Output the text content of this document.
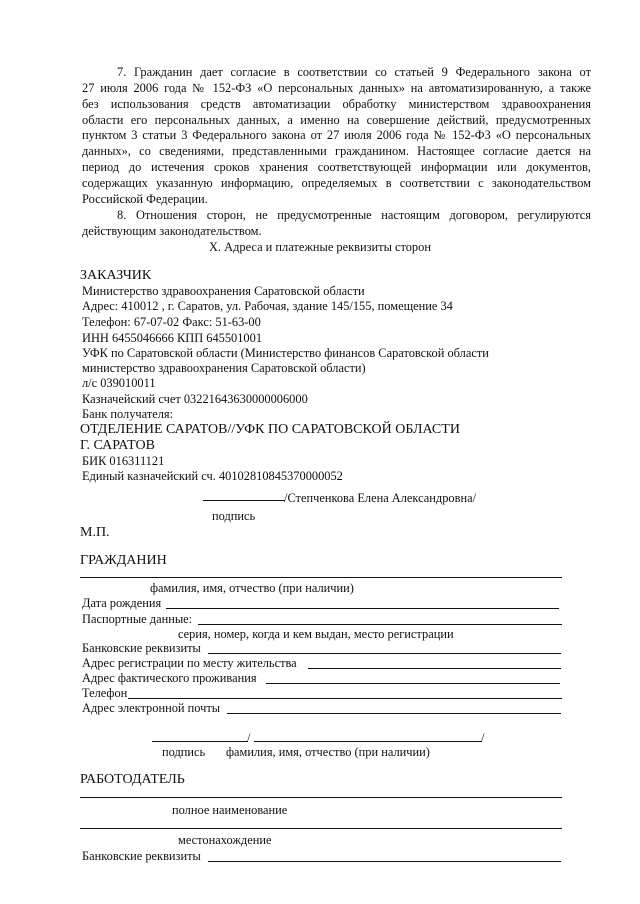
7. Гражданин дает согласие в соответствии со статьей 9 Федерального закона от
27 июля 2006 года № 152-ФЗ «О персональных данных» на автоматизированную, а также
без использования средств автоматизации обработку министерством здравоохранения
области его персональных данных, а именно на совершение действий, предусмотренных
пунктом 3 статьи 3 Федерального закона от 27 июля 2006 года № 152-ФЗ «О персональных
данных», со сведениями, представленными гражданином. Настоящее согласие дается на
период до истечения сроков хранения соответствующей информации или документов,
содержащих указанную информацию, определяемых в соответствии с законодательством
Российской Федерации.
8. Отношения сторон, не предусмотренные настоящим договором, регулируются
действующим законодательством.
X. Адреса и платежные реквизиты сторон
ЗАКАЗЧИК
Министерство здравоохранения Саратовской области
Адрес: 410012 , г. Саратов, ул. Рабочая, здание 145/155, помещение 34
Телефон: 67-07-02 Факс: 51-63-00
ИНН 6455046666 КПП 645501001
УФК по Саратовской области (Министерство финансов Саратовской области
министерство здравоохранения Саратовской области)
л/с 039010011
Казначейский счет 03221643630000006000
Банк получателя:
ОТДЕЛЕНИЕ САРАТОВ//УФК ПО САРАТОВСКОЙ ОБЛАСТИ
Г. САРАТОВ
БИК 016311121
Единый казначейский сч. 40102810845370000052
/Степченкова Елена Александровна/
подпись
М.П.
ГРАЖДАНИН
фамилия, имя, отчество (при наличии)
Дата рождения
Паспортные данные:
серия, номер, когда и кем выдан, место регистрации
Банковские реквизиты
Адрес регистрации по месту жительства
Адрес фактического проживания
Телефон
Адрес электронной почты
/	/
подпись фамилия, имя, отчество (при наличии)
РАБОТОДАТЕЛЬ
полное наименование
местонахождение
Банковские реквизиты
